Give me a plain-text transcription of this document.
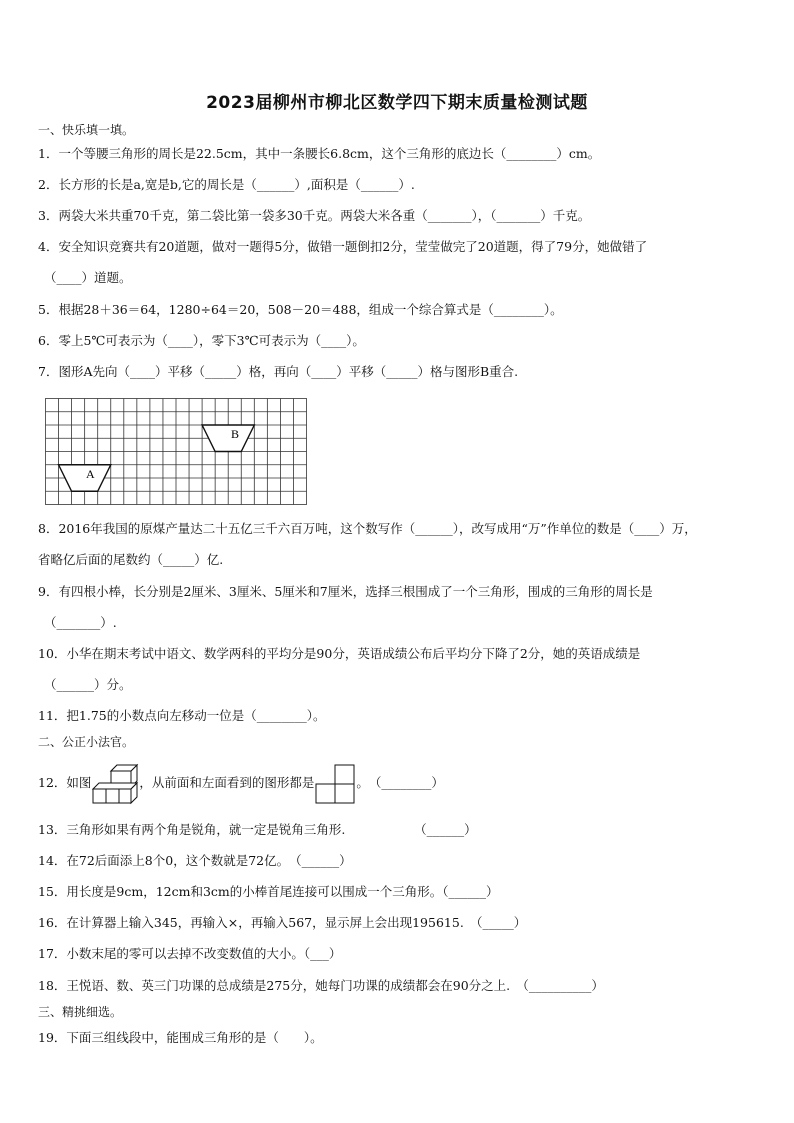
2023届柳州市柳北区数学四下期末质量检测试题
一、快乐填一填。
1．一个等腰三角形的周长是22.5cm，其中一条腰长6.8cm，这个三角形的底边长（________）cm。
2．长方形的长是a,宽是b,它的周长是（______）,面积是（______）.
3．两袋大米共重70千克，第二袋比第一袋多30千克。两袋大米各重（_______），（_______）千克。
4．安全知识竞赛共有20道题，做对一题得5分，做错一题倒扣2分，莹莹做完了20道题，得了79分，她做错了
（____）道题。
5．根据28＋36＝64，1280÷64＝20，508－20＝488，组成一个综合算式是（________）。
6．零上5℃可表示为（____），零下3℃可表示为（____）。
7．图形A先向（____）平移（_____）格，再向（____）平移（_____）格与图形B重合.
B
A
8．2016年我国的原煤产量达二十五亿三千六百万吨，这个数写作（______），改写成用“万”作单位的数是（____）万，
省略亿后面的尾数约（_____）亿.
9．有四根小棒，长分别是2厘米、3厘米、5厘米和7厘米，选择三根围成了一个三角形，围成的三角形的周长是
（_______）.
10．小华在期末考试中语文、数学两科的平均分是90分，英语成绩公布后平均分下降了2分，她的英语成绩是
（______）分。
11．把1.75的小数点向左移动一位是（________）。
二、公正小法官。
12．如图	，从前面和左面看到的图形都是	。　（________）
13．三角形如果有两个角是锐角，就一定是锐角三角形.　　　　　　（______）
14．在72后面添上8个0，这个数就是72亿。　（______）
15．用长度是9cm，12cm和3cm的小棒首尾连接可以围成一个三角形。（______）
16．在计算器上输入345，再输入×，再输入567，显示屏上会出现195615.　（_____）
17．小数末尾的零可以去掉不改变数值的大小。（___）
18．王悦语、数、英三门功课的总成绩是275分，她每门功课的成绩都会在90分之上.　（__________）
三、精挑细选。
19．下面三组线段中，能围成三角形的是（　　）。
